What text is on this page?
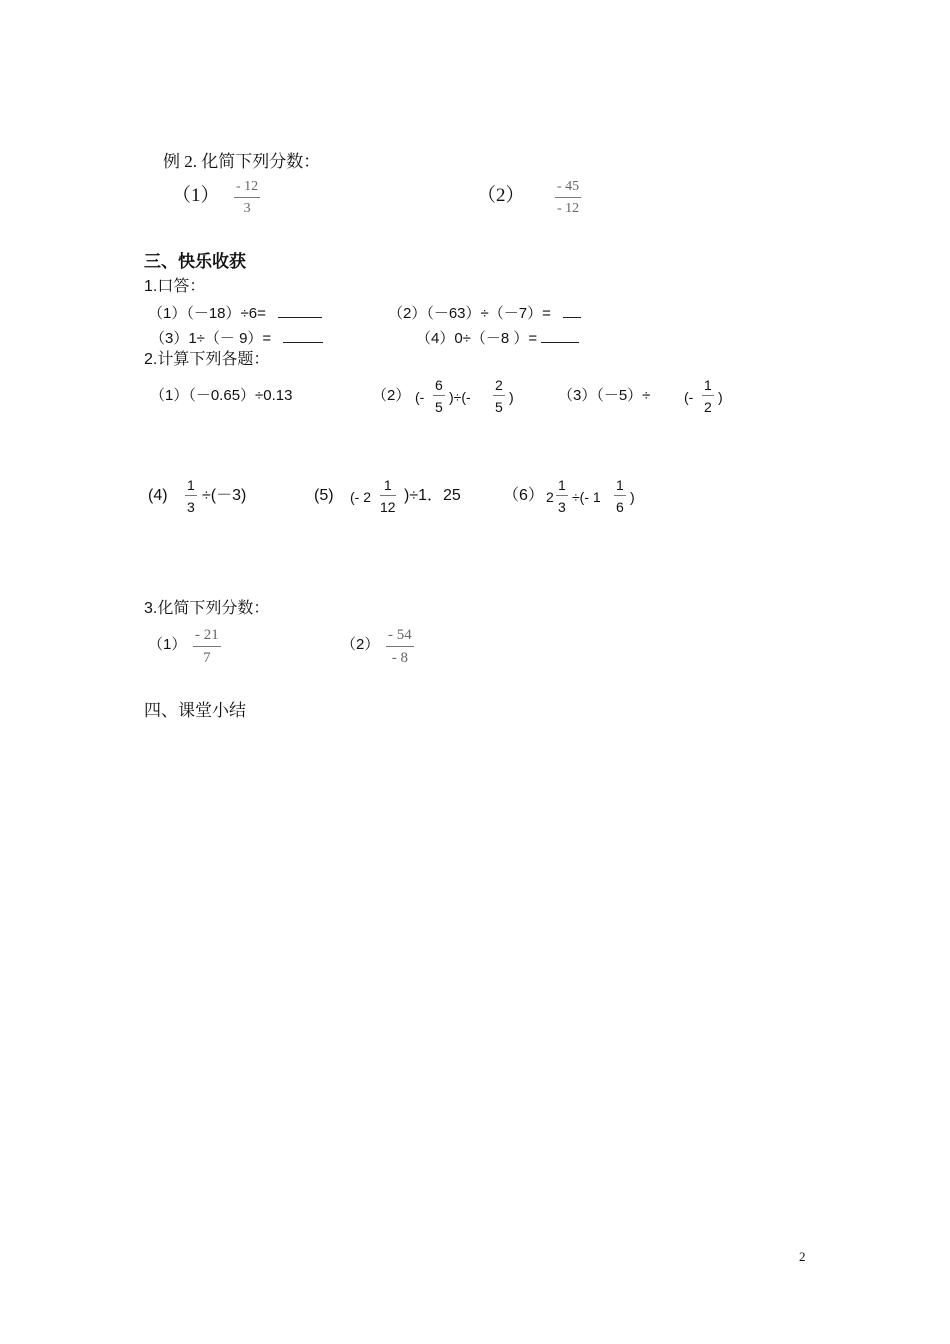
例 2. 化简下列分数：
$(1) \frac{- 12}{3}$	$(2) \frac{- 45}{- 12}$
三、快乐收获
1.口答：
（1）（－18）÷6=	（2）（－63）÷（－7）=
（3）1÷（－ 9）=	（4）0÷（－8 ）=
2.计算下列各题：
（1）（－0.65）÷0.13	（2） (- $\frac{6}{5}$ )÷(- $\frac{2}{5}$ )	（3）（－5）÷ (- $\frac{1}{2}$ )
$(4) \frac{1}{3} \div(-3)$	(5) (- $2 \frac{1}{12} )\div 1$．25	（6） $2 \frac{1}{3}$ ÷(- $1 \frac{1}{6}$ )
3.化简下列分数：
$(1) \frac{- 21}{7}$	$(2) \frac{- 54}{- 8}$
四、课堂小结
2
